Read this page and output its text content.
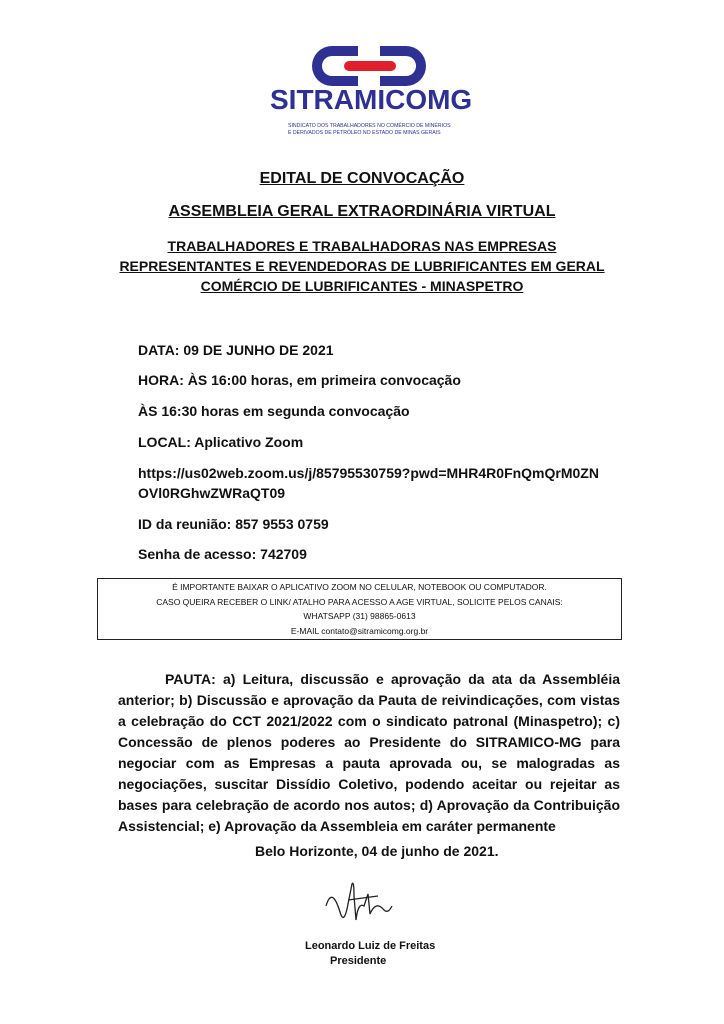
SITRAMICOMG
SINDICATO DOS TRABALHADORES NO COMÉRCIO DE MINÉRIOS
E DERIVADOS DE PETRÓLEO NO ESTADO DE MINAS GERAIS
EDITAL DE CONVOCAÇÃO
ASSEMBLEIA GERAL EXTRAORDINÁRIA VIRTUAL
TRABALHADORES E TRABALHADORAS NAS EMPRESAS
REPRESENTANTES E REVENDEDORAS DE LUBRIFICANTES EM GERAL
COMÉRCIO DE LUBRIFICANTES - MINASPETRO
DATA: 09 DE JUNHO DE 2021
HORA: ÀS 16:00 horas, em primeira convocação
ÀS 16:30 horas em segunda convocação
LOCAL: Aplicativo Zoom
https://us02web.zoom.us/j/85795530759?pwd=MHR4R0FnQmQrM0ZN
OVl0RGhwZWRaQT09
ID da reunião: 857 9553 0759
Senha de acesso: 742709
É IMPORTANTE BAIXAR O APLICATIVO ZOOM NO CELULAR, NOTEBOOK OU COMPUTADOR.
CASO QUEIRA RECEBER O LINK/ ATALHO PARA ACESSO A AGE VIRTUAL, SOLICITE PELOS CANAIS:
WHATSAPP (31) 98865-0613
E-MAIL contato@sitramicomg.org.br
PAUTA: a) Leitura, discussão e aprovação da ata da Assembléia anterior; b) Discussão e aprovação da Pauta de reivindicações, com vistas a celebração do CCT 2021/2022 com o sindicato patronal (Minaspetro); c) Concessão de plenos poderes ao Presidente do SITRAMICO-MG para negociar com as Empresas a pauta aprovada ou, se malogradas as negociações, suscitar Dissídio Coletivo, podendo aceitar ou rejeitar as bases para celebração de acordo nos autos; d) Aprovação da Contribuição Assistencial; e) Aprovação da Assembleia em caráter permanente
Belo Horizonte, 04 de junho de 2021.
Leonardo Luiz de Freitas
Presidente
